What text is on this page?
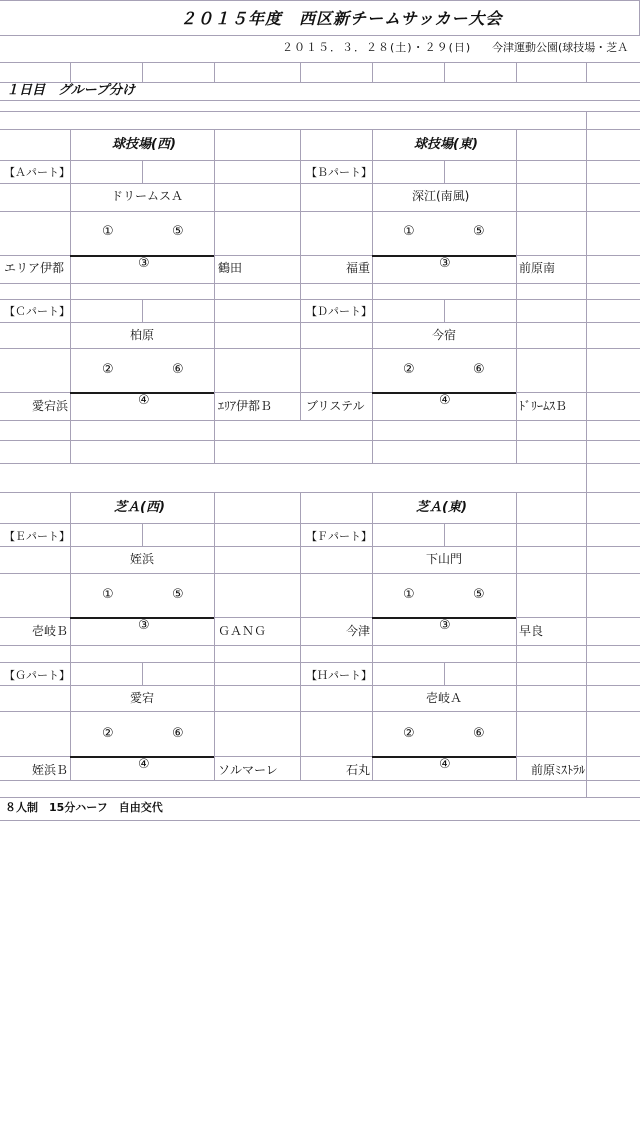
２０１５年度　西区新チームサッカー大会
２０１５．３．２８(土)・２９(日) 今津運動公園(球技場・芝Ａ
１日目　グループ分け
球技場(西)	球技場(東)
芝Ａ(西)	芝Ａ(東)
【Ａパート】
ドリームスＡ
①	⑤
③
エリア伊都	鶴田
【Ｂパート】
深江(南風)
①	⑤
③
福重	前原南
【Ｃパート】
柏原
②	⑥
④
愛宕浜	ｴﾘｱ伊都Ｂ
【Ｄパート】
今宿
②	⑥
④
ブリステル	ﾄﾞﾘｰﾑｽＢ
【Ｅパート】
姪浜
①	⑤
③
壱岐Ｂ	ＧＡＮＧ
【Ｆパート】
下山門
①	⑤
③
今津	早良
【Ｇパート】
愛宕
②	⑥
④
姪浜Ｂ	ソルマーレ
【Ｈパート】
壱岐Ａ
②	⑥
④
石丸	前原ﾐｽﾄﾗﾙ
８人制　15分ハーフ　自由交代
